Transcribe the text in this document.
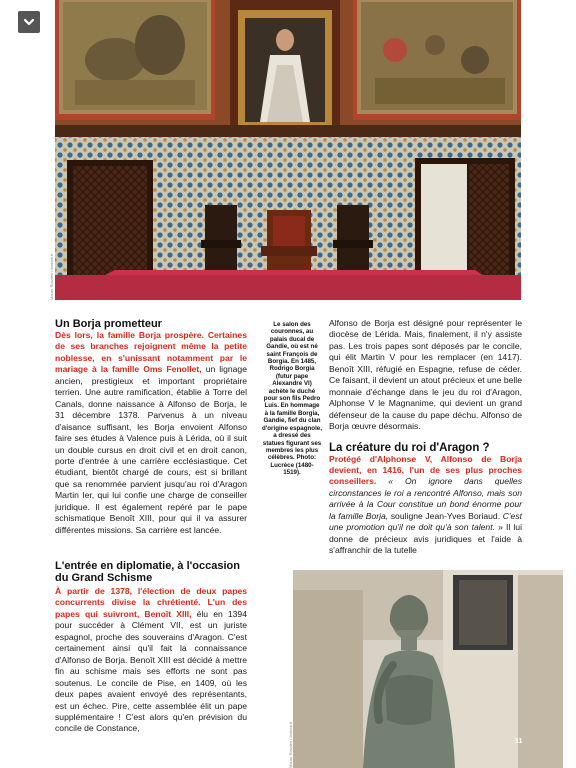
Mauro Rosalen / lastock.fr

Un Borja prometteur

Dès lors, la famille Borja prospère. Certaines de ses branches rejoignent même la petite noblesse, en s'unissant notamment par le mariage à la famille Oms Fenollet, un lignage ancien, prestigieux et important propriétaire terrien. Une autre ramification, établie à Torre del Canals, donne naissance à Alfonso de Borja, le 31 décembre 1378. Parvenus à un niveau d'aisance suffisant, les Borja envoient Alfonso faire ses études à Valence puis à Lérida, où il suit un double cursus en droit civil et en droit canon, porte d'entrée à une carrière ecclésiastique. Cet étudiant, bientôt chargé de cours, est si brillant que sa renommée parvient jusqu'au roi d'Aragon Martin Ier, qui lui confie une charge de conseiller juridique. Il est également repéré par le pape schismatique Benoît XIII, pour qui il va assurer différentes missions. Sa carrière est lancée.

L'entrée en diplomatie, à l'occasion du Grand Schisme

À partir de 1378, l'élection de deux papes concurrents divise la chrétienté. L'un des papes qui suivront, Benoît XIII, élu en 1394 pour succéder à Clément VII, est un juriste espagnol, proche des souverains d'Aragon. C'est certainement ainsi qu'il fait la connaissance d'Alfonso de Borja. Benoît XIII est décidé à mettre fin au schisme mais ses efforts ne sont pas soutenus. Le concile de Pise, en 1409, où les deux papes avaient envoyé des représentants, est un échec. Pire, cette assemblée élit un pape supplémentaire ! C'est alors qu'en prévision du concile de Constance,

Le salon des couronnes, au palais ducal de Gandie, où est né saint François de Borgia. En 1485, Rodrigo Borgia (futur pape Alexandre VI) achète le duché pour son fils Pedro Luis. En hommage à la famille Borgia, Gandie, fief du clan d'origine espagnole, a dressé des statues figurant ses membres les plus célèbres. Photo: Lucrèce (1480-1519).

Alfonso de Borja est désigné pour représenter le diocèse de Lérida. Mais, finalement, il n'y assiste pas. Les trois papes sont déposés par le concile, qui élit Martin V pour les remplacer (en 1417). Benoît XIII, réfugié en Espagne, refuse de céder. Ce faisant, il devient un atout précieux et une belle monnaie d'échange dans le jeu du roi d'Aragon, Alphonse V le Magnanime, qui devient un grand défenseur de la cause du pape déchu. Alfonso de Borja œuvre désormais.

La créature du roi d'Aragon ?

Protégé d'Alphonse V, Alfonso de Borja devient, en 1416, l'un de ses plus proches conseillers. « On ignore dans quelles circonstances le roi a rencontré Alfonso, mais son arrivée à la Cour constitue un bond énorme pour la famille Borja, souligne Jean-Yves Boriaud. C'est une promotion qu'il ne doit qu'à son talent. » Il lui donne de précieux avis juridiques et l'aide à s'affranchir de la tutelle

Mauro Rosalen / lastock.fr	11
